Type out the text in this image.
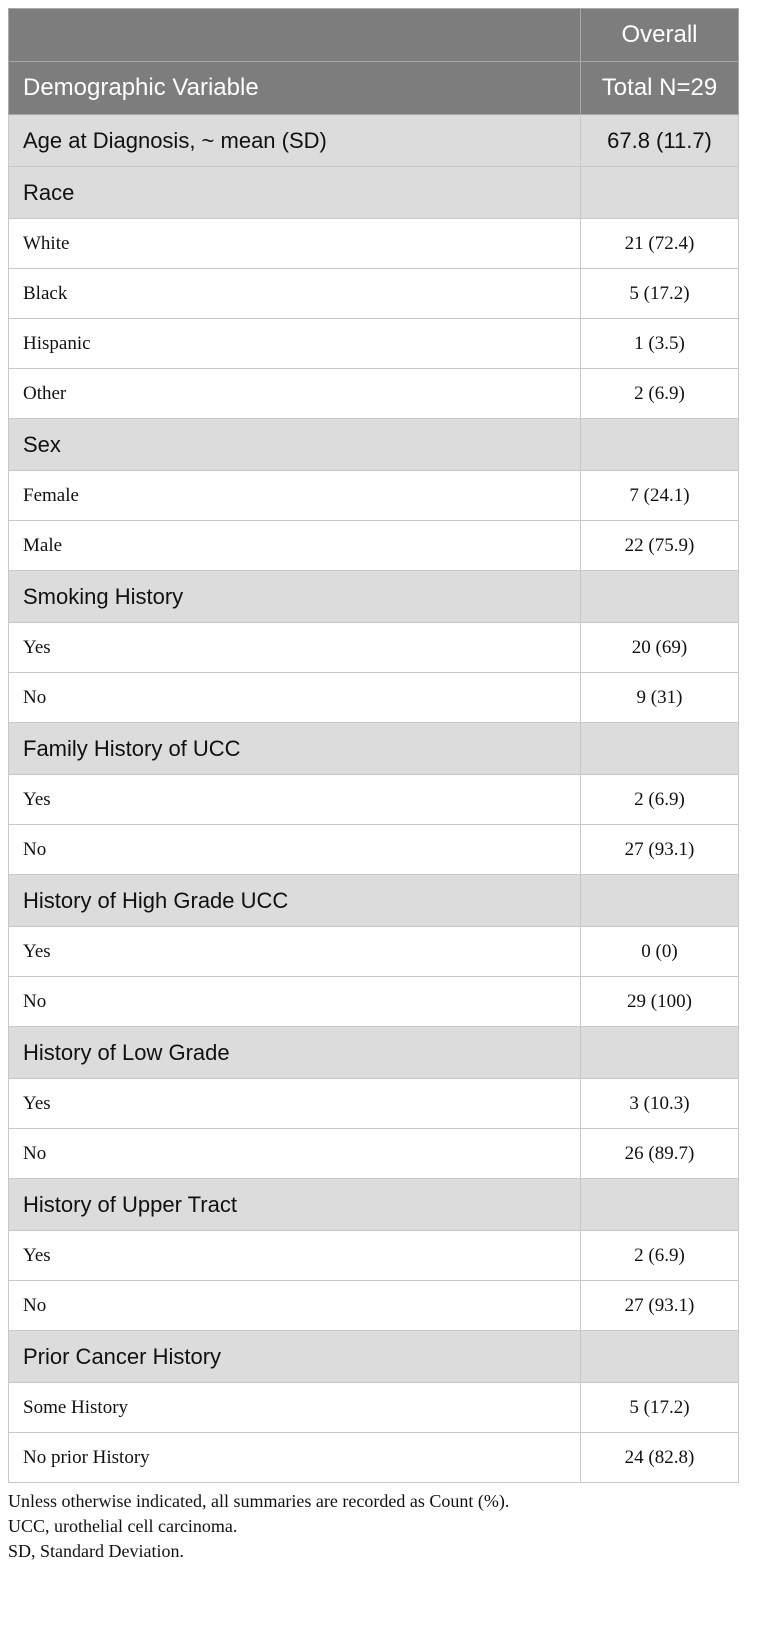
	Overall
Demographic Variable	Total N=29
Age at Diagnosis, ~ mean (SD)	67.8 (11.7)
Race	
White	21 (72.4)
Black	5 (17.2)
Hispanic	1 (3.5)
Other	2 (6.9)
Sex	
Female	7 (24.1)
Male	22 (75.9)
Smoking History	
Yes	20 (69)
No	9 (31)
Family History of UCC	
Yes	2 (6.9)
No	27 (93.1)
History of High Grade UCC	
Yes	0 (0)
No	29 (100)
History of Low Grade	
Yes	3 (10.3)
No	26 (89.7)
History of Upper Tract	
Yes	2 (6.9)
No	27 (93.1)
Prior Cancer History	
Some History	5 (17.2)
No prior History	24 (82.8)
Unless otherwise indicated, all summaries are recorded as Count (%).
UCC, urothelial cell carcinoma.
SD, Standard Deviation.
